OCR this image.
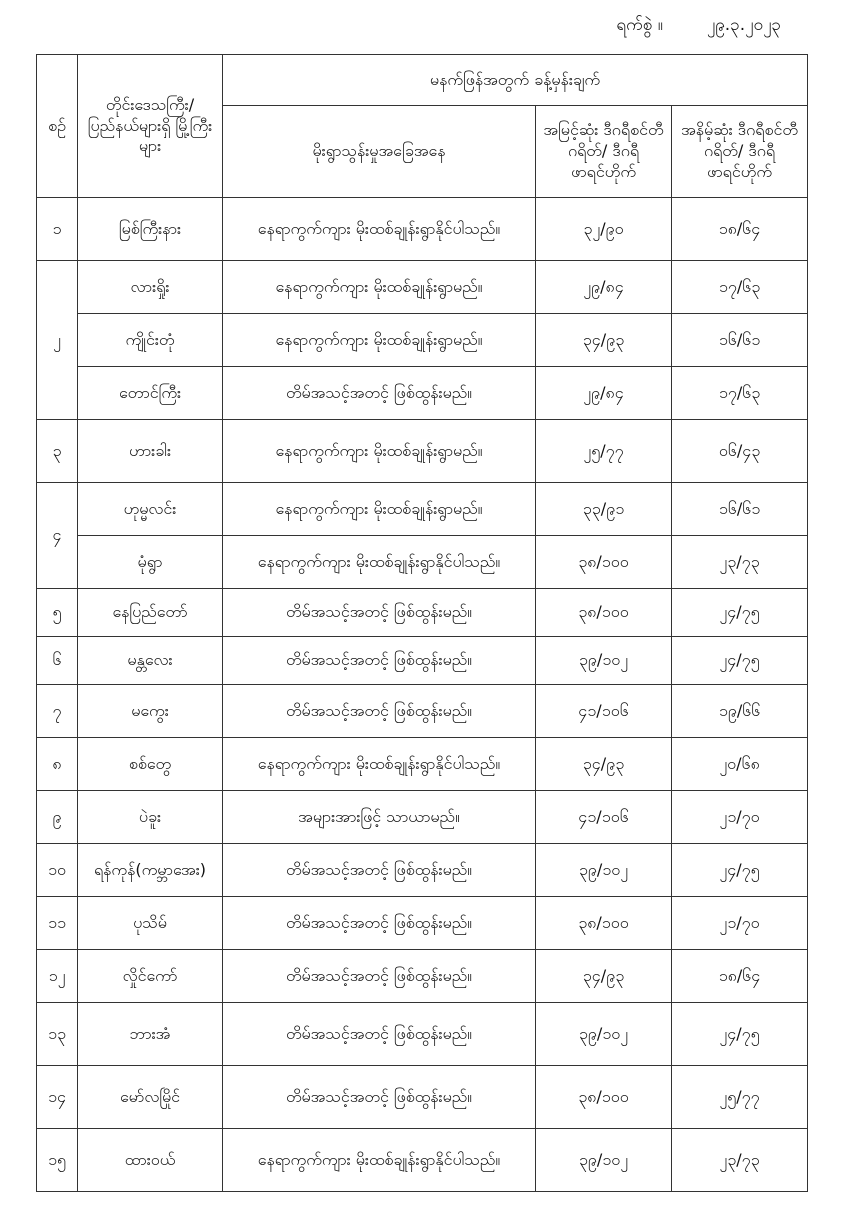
ရက်စွဲ ။	၂၉.၃.၂၀၂၃
စဉ်	တိုင်းဒေသကြီး/ ပြည်နယ်များရှိ မြို့ကြီးများ	မနက်ဖြန်အတွက် ခန့်မှန်းချက်		
		မိုးရွာသွန်းမှုအခြေအနေ	အမြင့်ဆုံး ဒီဂရီစင်တီဂရိတ်/ ဒီဂရီဖာရင်ဟိုက်	အနိမ့်ဆုံး ဒီဂရီစင်တီဂရိတ်/ ဒီဂရီဖာရင်ဟိုက်
၁	မြစ်ကြီးနား	နေရာကွက်ကျား မိုးထစ်ချုန်းရွာနိုင်ပါသည်။	၃၂/၉၀	၁၈/၆၄
၂	လားရှိုး	နေရာကွက်ကျား မိုးထစ်ချုန်းရွာမည်။	၂၉/၈၄	၁၇/၆၃
	ကျိုင်းတုံ	နေရာကွက်ကျား မိုးထစ်ချုန်းရွာမည်။	၃၄/၉၃	၁၆/၆၁
	တောင်ကြီး	တိမ်အသင့်အတင့် ဖြစ်ထွန်းမည်။	၂၉/၈၄	၁၇/၆၃
၃	ဟားခါး	နေရာကွက်ကျား မိုးထစ်ချုန်းရွာမည်။	၂၅/၇၇	၀၆/၄၃
၄	ဟုမ္မလင်း	နေရာကွက်ကျား မိုးထစ်ချုန်းရွာမည်။	၃၃/၉၁	၁၆/၆၁
	မုံရွာ	နေရာကွက်ကျား မိုးထစ်ချုန်းရွာနိုင်ပါသည်။	၃၈/၁၀၀	၂၃/၇၃
၅	နေပြည်တော်	တိမ်အသင့်အတင့် ဖြစ်ထွန်းမည်။	၃၈/၁၀၀	၂၄/၇၅
၆	မန္တလေး	တိမ်အသင့်အတင့် ဖြစ်ထွန်းမည်။	၃၉/၁၀၂	၂၄/၇၅
၇	မကွေး	တိမ်အသင့်အတင့် ဖြစ်ထွန်းမည်။	၄၁/၁၀၆	၁၉/၆၆
၈	စစ်တွေ	နေရာကွက်ကျား မိုးထစ်ချုန်းရွာနိုင်ပါသည်။	၃၄/၉၃	၂၀/၆၈
၉	ပဲခူး	အများအားဖြင့် သာယာမည်။	၄၁/၁၀၆	၂၁/၇၀
၁၀	ရန်ကုန်(ကမ္ဘာအေး)	တိမ်အသင့်အတင့် ဖြစ်ထွန်းမည်။	၃၉/၁၀၂	၂၄/၇၅
၁၁	ပုသိမ်	တိမ်အသင့်အတင့် ဖြစ်ထွန်းမည်။	၃၈/၁၀၀	၂၁/၇၀
၁၂	လှိုင်ကော်	တိမ်အသင့်အတင့် ဖြစ်ထွန်းမည်။	၃၄/၉၃	၁၈/၆၄
၁၃	ဘားအံ	တိမ်အသင့်အတင့် ဖြစ်ထွန်းမည်။	၃၉/၁၀၂	၂၄/၇၅
၁၄	မော်လမြိုင်	တိမ်အသင့်အတင့် ဖြစ်ထွန်းမည်။	၃၈/၁၀၀	၂၅/၇၇
၁၅	ထားဝယ်	နေရာကွက်ကျား မိုးထစ်ချုန်းရွာနိုင်ပါသည်။	၃၉/၁၀၂	၂၃/၇၃
